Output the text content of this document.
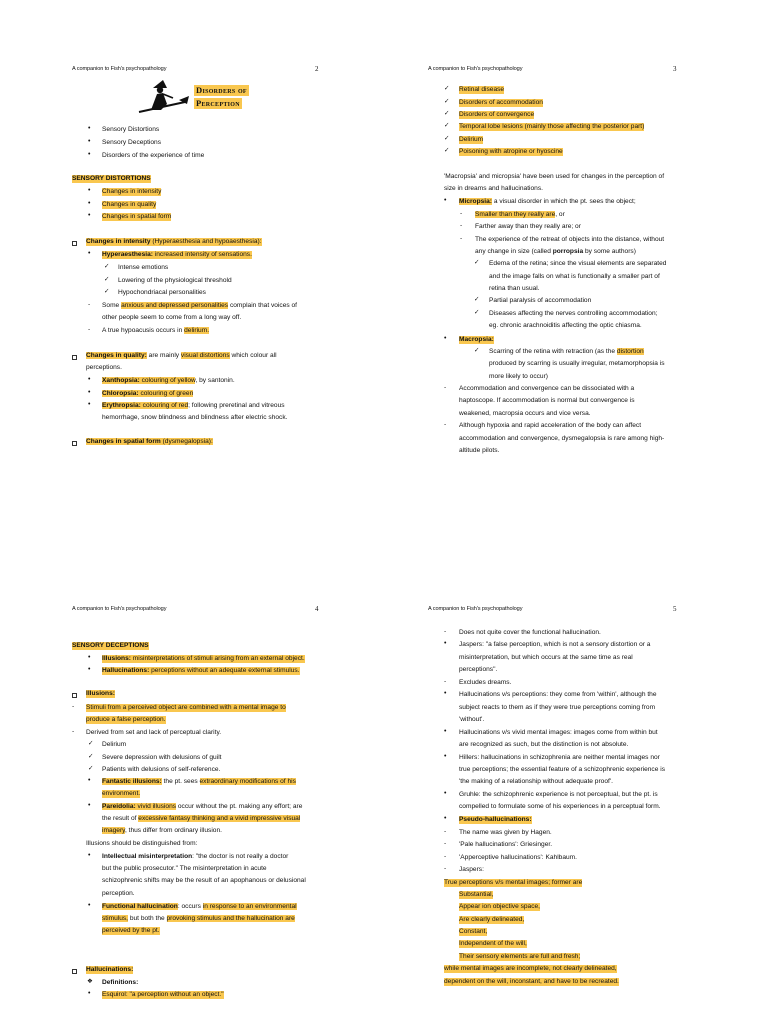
A companion to Fish's psychopathology	2
Disorders of
Perception
• Sensory Distortions
• Sensory Deceptions
• Disorders of the experience of time
SENSORY DISTORTIONS
• Changes in intensity
• Changes in quality
• Changes in spatial form
Changes in intensity (Hyperaesthesia and hypoaesthesia):
• Hyperaesthesia: increased intensity of sensations.
✓ Intense emotions
✓ Lowering of the physiological threshold
✓ Hypochondriacal personalities
- Some anxious and depressed personalities complain that voices of
other people seem to come from a long way off.
- A true hypoacusis occurs in delirium.
Changes in quality: are mainly visual distortions which colour all
perceptions.
• Xanthopsia: colouring of yellow, by santonin.
• Chloropsia: colouring of green
• Erythropsia: colouring of red; following preretinal and vitreous
hemorrhage, snow blindness and blindness after electric shock.
Changes in spatial form (dysmegalopsia):
A companion to Fish's psychopathology	3
✓ Retinal disease
✓ Disorders of accommodation
✓ Disorders of convergence
✓ Temporal lobe lesions (mainly those affecting the posterior part)
✓ Delirium
✓ Poisoning with atropine or hyoscine
'Macropsia' and micropsia' have been used for changes in the perception of
size in dreams and hallucinations.
• Micropsia: a visual disorder in which the pt. sees the object;
- Smaller than they really are, or
- Farther away than they really are; or
- The experience of the retreat of objects into the distance, without
any change in size (called porropsia by some authors)
✓ Edema of the retina; since the visual elements are separated
and the image falls on what is functionally a smaller part of
retina than usual.
✓ Partial paralysis of accommodation
✓ Diseases affecting the nerves controlling accommodation;
eg. chronic arachnoiditis affecting the optic chiasma.
• Macropsia:
✓ Scarring of the retina with retraction (as the distortion
produced by scarring is usually irregular, metamorphopsia is
more likely to occur)
- Accommodation and convergence can be dissociated with a
haptoscope. If accommodation is normal but convergence is
weakened, macropsia occurs and vice versa.
- Although hypoxia and rapid acceleration of the body can affect
accommodation and convergence, dysmegalopsia is rare among high-
altitude pilots.
A companion to Fish's psychopathology	4
SENSORY DECEPTIONS
• Illusions: misinterpretations of stimuli arising from an external object.
• Hallucinations: perceptions without an adequate external stimulus.
Illusions:
- Stimuli from a perceived object are combined with a mental image to
produce a false perception.
- Derived from set and lack of perceptual clarity.
✓ Delirium
✓ Severe depression with delusions of guilt
✓ Patients with delusions of self-reference.
• Fantastic illusions: the pt. sees extraordinary modifications of his
environment.
• Pareidolia: vivid illusions occur without the pt. making any effort; are
the result of excessive fantasy thinking and a vivid impressive visual
imagery, thus differ from ordinary illusion.
Illusions should be distinguished from:
• Intellectual misinterpretation: "the doctor is not really a doctor
but the public prosecutor." The misinterpretation in acute
schizophrenic shifts may be the result of an apophanous or delusional
perception.
• Functional hallucination: occurs in response to an environmental
stimulus, but both the provoking stimulus and the hallucination are
perceived by the pt.
Hallucinations:
❖ Definitions:
• Esquirol: "a perception without an object."
A companion to Fish's psychopathology	5
- Does not quite cover the functional hallucination.
• Jaspers: "a false perception, which is not a sensory distortion or a
misinterpretation, but which occurs at the same time as real
perceptions".
- Excludes dreams.
• Hallucinations v/s perceptions: they come from 'within', although the
subject reacts to them as if they were true perceptions coming from
'without'.
• Hallucinations v/s vivid mental images: images come from within but
are recognized as such, but the distinction is not absolute.
• Hillers: hallucinations in schizophrenia are neither mental images nor
true perceptions; the essential feature of a schizophrenic experience is
'the making of a relationship without adequate proof'.
• Gruhle: the schizophrenic experience is not perceptual, but the pt. is
compelled to formulate some of his experiences in a perceptual form.
• Pseudo-hallucinations:
- The name was given by Hagen.
- 'Pale hallucinations': Griesinger.
- 'Apperceptive hallucinations': Kahlbaum.
- Jaspers:
True perceptions v/s mental images; former are
Substantial,
Appear ion objective space,
Are clearly delineated,
Constant,
Independent of the will,
Their sensory elements are full and fresh;
while mental images are incomplete, not clearly delineated,
dependent on the will, inconstant, and have to be recreated.
